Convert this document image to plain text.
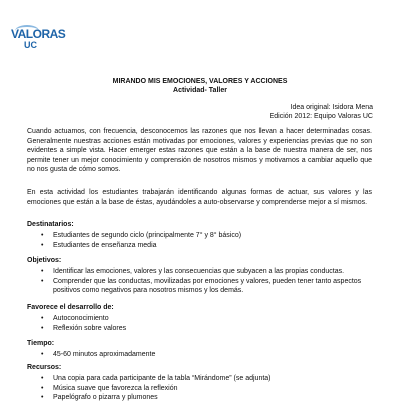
VALORAS
UC
MIRANDO MIS EMOCIONES, VALORES Y ACCIONES
Actividad- Taller
Idea original: Isidora Mena
Edición 2012: Equipo Valoras UC
Cuando actuamos, con frecuencia, desconocemos las razones que nos llevan a hacer determinadas cosas. Generalmente nuestras acciones están motivadas por emociones, valores y experiencias previas que no son evidentes a simple vista. Hacer emerger estas razones que están a la base de nuestra manera de ser, nos permite tener un mejor conocimiento y comprensión de nosotros mismos y motivarnos a cambiar aquello que no nos gusta de cómo somos.
En esta actividad los estudiantes trabajarán identificando algunas formas de actuar, sus valores y las emociones que están a la base de éstas, ayudándoles a auto-observarse y comprenderse mejor a sí mismos.
Destinatarios:
• Estudiantes de segundo ciclo (principalmente 7° y 8° básico)
• Estudiantes de enseñanza media
Objetivos:
• Identificar las emociones, valores y las consecuencias que subyacen a las propias conductas.
• Comprender que las conductas, movilizadas por emociones y valores, pueden tener tanto aspectos positivos como negativos para nosotros mismos y los demás.
Favorece el desarrollo de:
• Autoconocimiento
• Reflexión sobre valores
Tiempo:
• 45-60 minutos aproximadamente
Recursos:
• Una copia para cada participante de la tabla “Mirándome” (se adjunta)
• Música suave que favorezca la reflexión
• Papelógrafo o pizarra y plumones
